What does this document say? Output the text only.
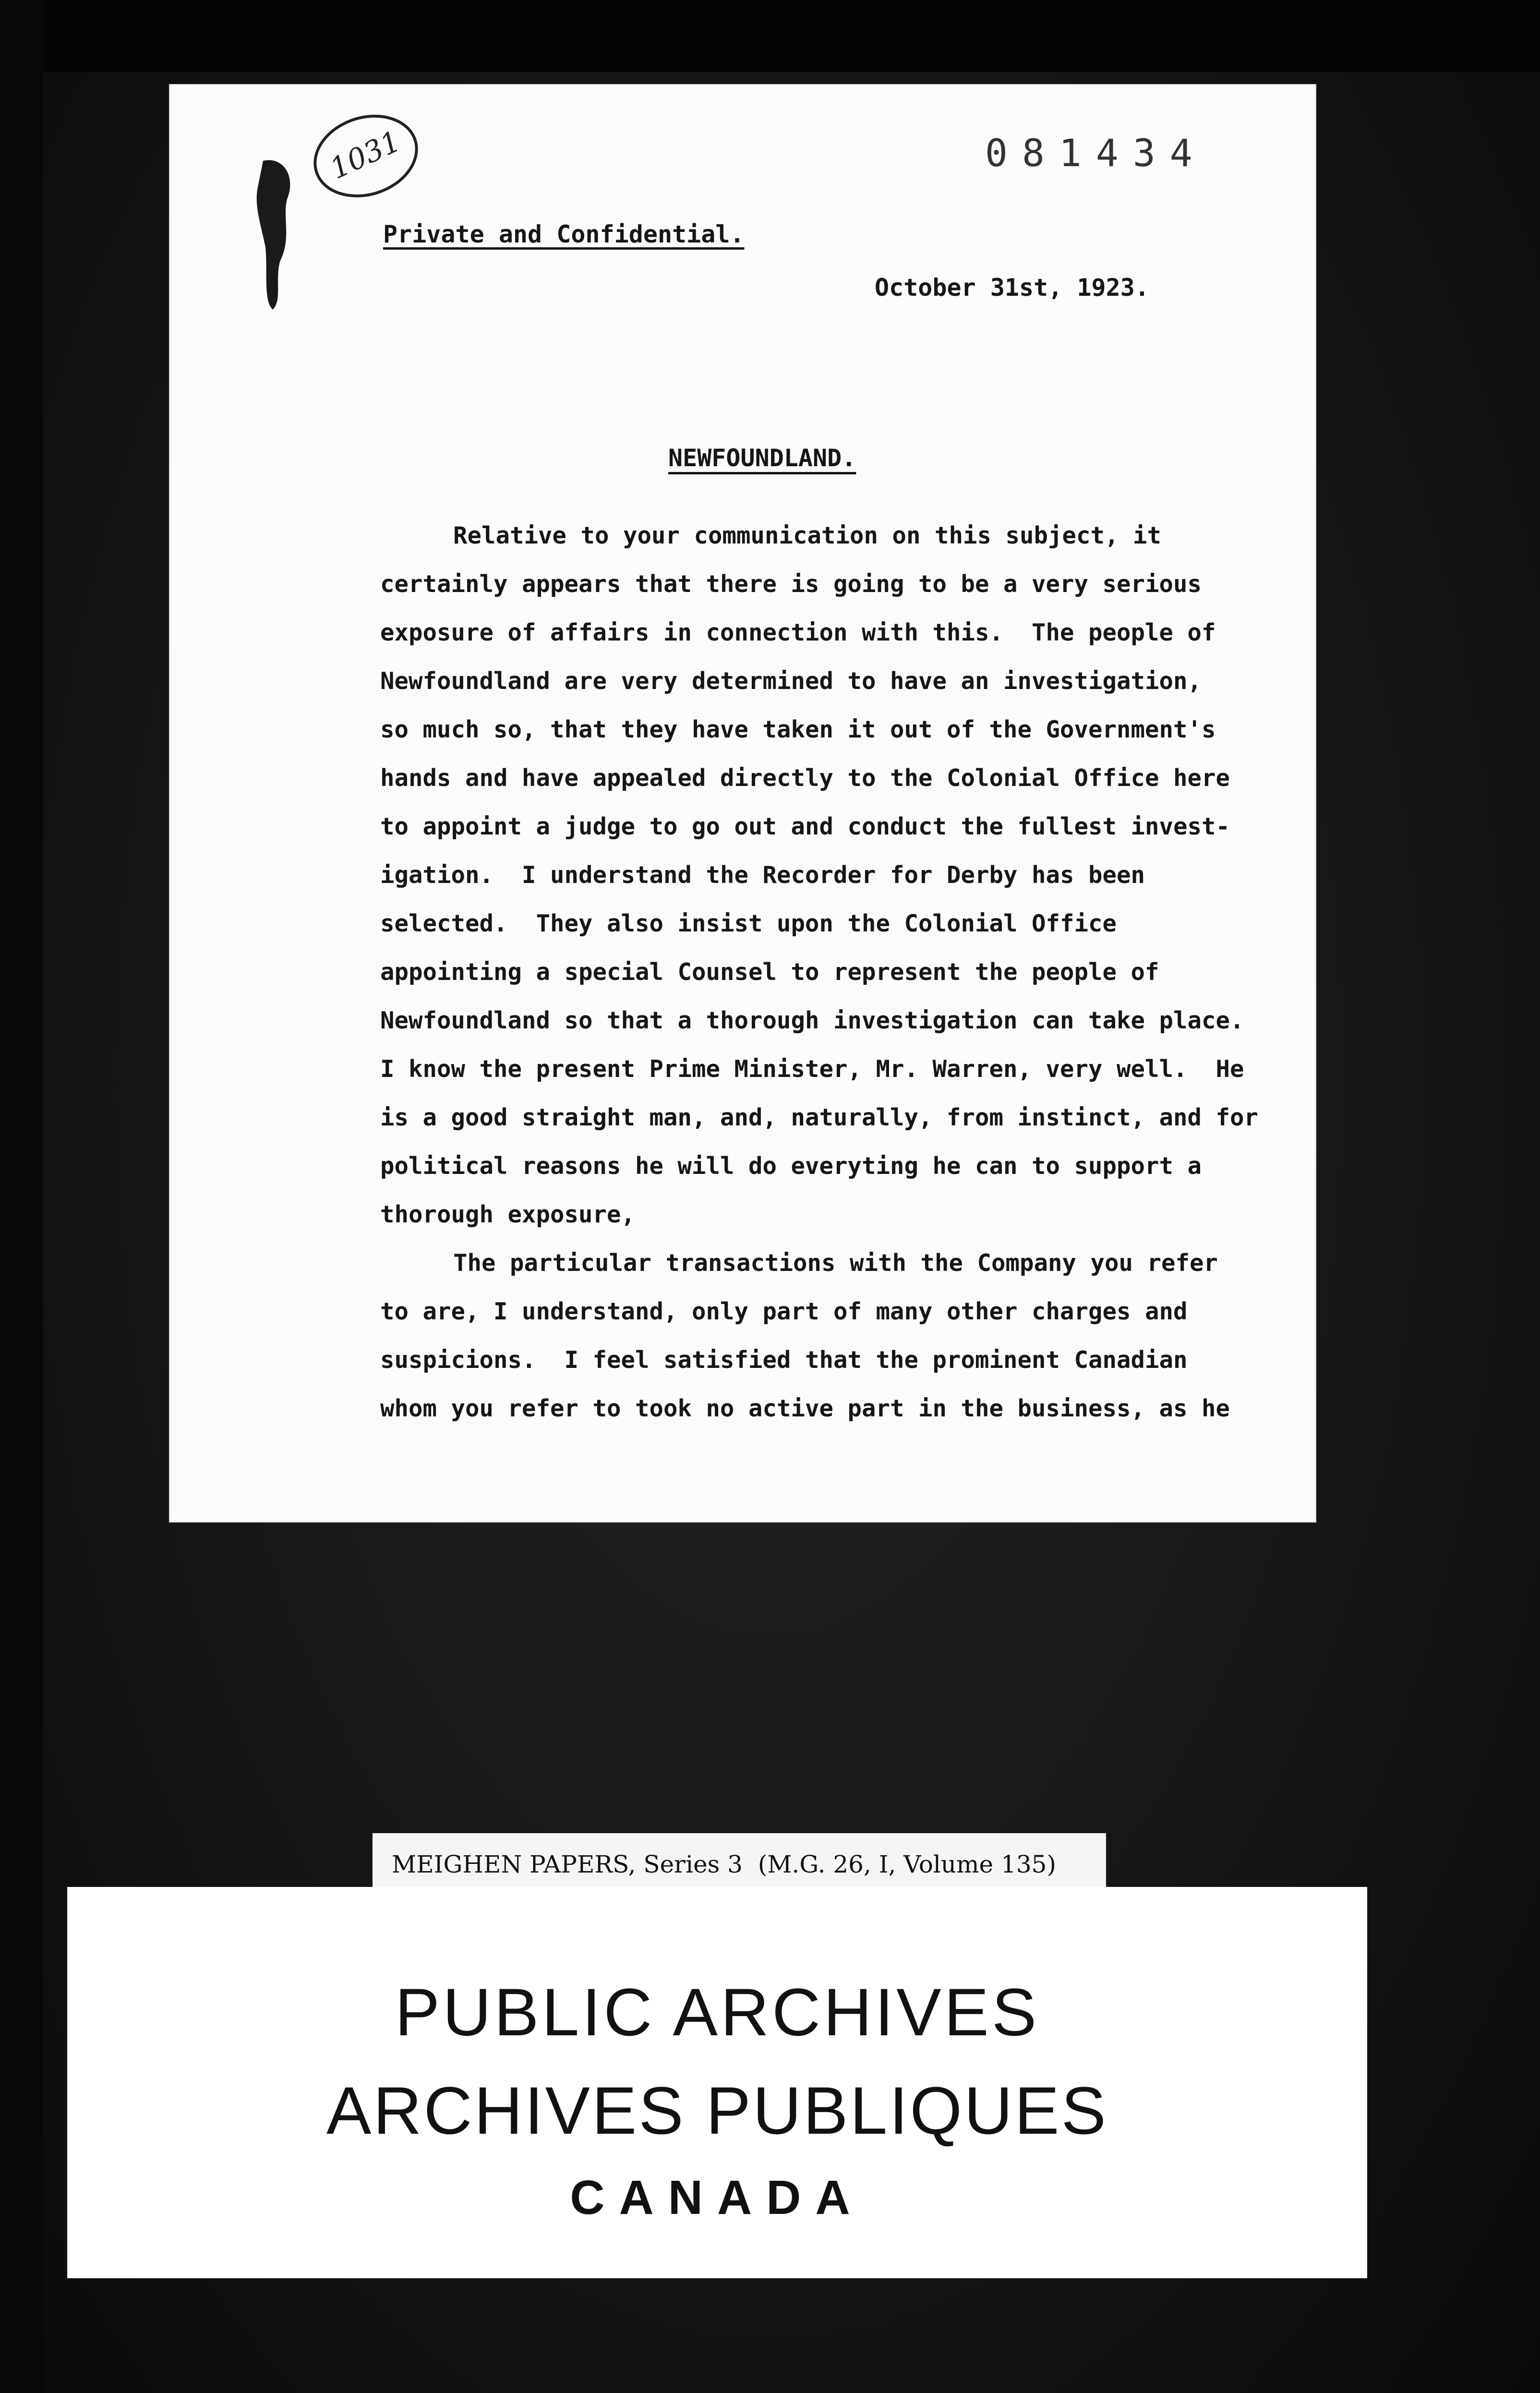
1031	081434
Private and Confidential.
October 31st, 1923.
NEWFOUNDLAND.
Relative to your communication on this subject, it
certainly appears that there is going to be a very serious
exposure of affairs in connection with this.  The people of
Newfoundland are very determined to have an investigation,
so much so, that they have taken it out of the Government's
hands and have appealed directly to the Colonial Office here
to appoint a judge to go out and conduct the fullest invest-
igation.  I understand the Recorder for Derby has been
selected.  They also insist upon the Colonial Office
appointing a special Counsel to represent the people of
Newfoundland so that a thorough investigation can take place.
I know the present Prime Minister, Mr. Warren, very well.  He
is a good straight man, and, naturally, from instinct, and for
political reasons he will do everyting he can to support a
thorough exposure,
The particular transactions with the Company you refer
to are, I understand, only part of many other charges and
suspicions.  I feel satisfied that the prominent Canadian
whom you refer to took no active part in the business, as he
MEIGHEN PAPERS, Series 3  (M.G. 26, I, Volume 135)
PUBLIC ARCHIVES
ARCHIVES PUBLIQUES
CANADA
